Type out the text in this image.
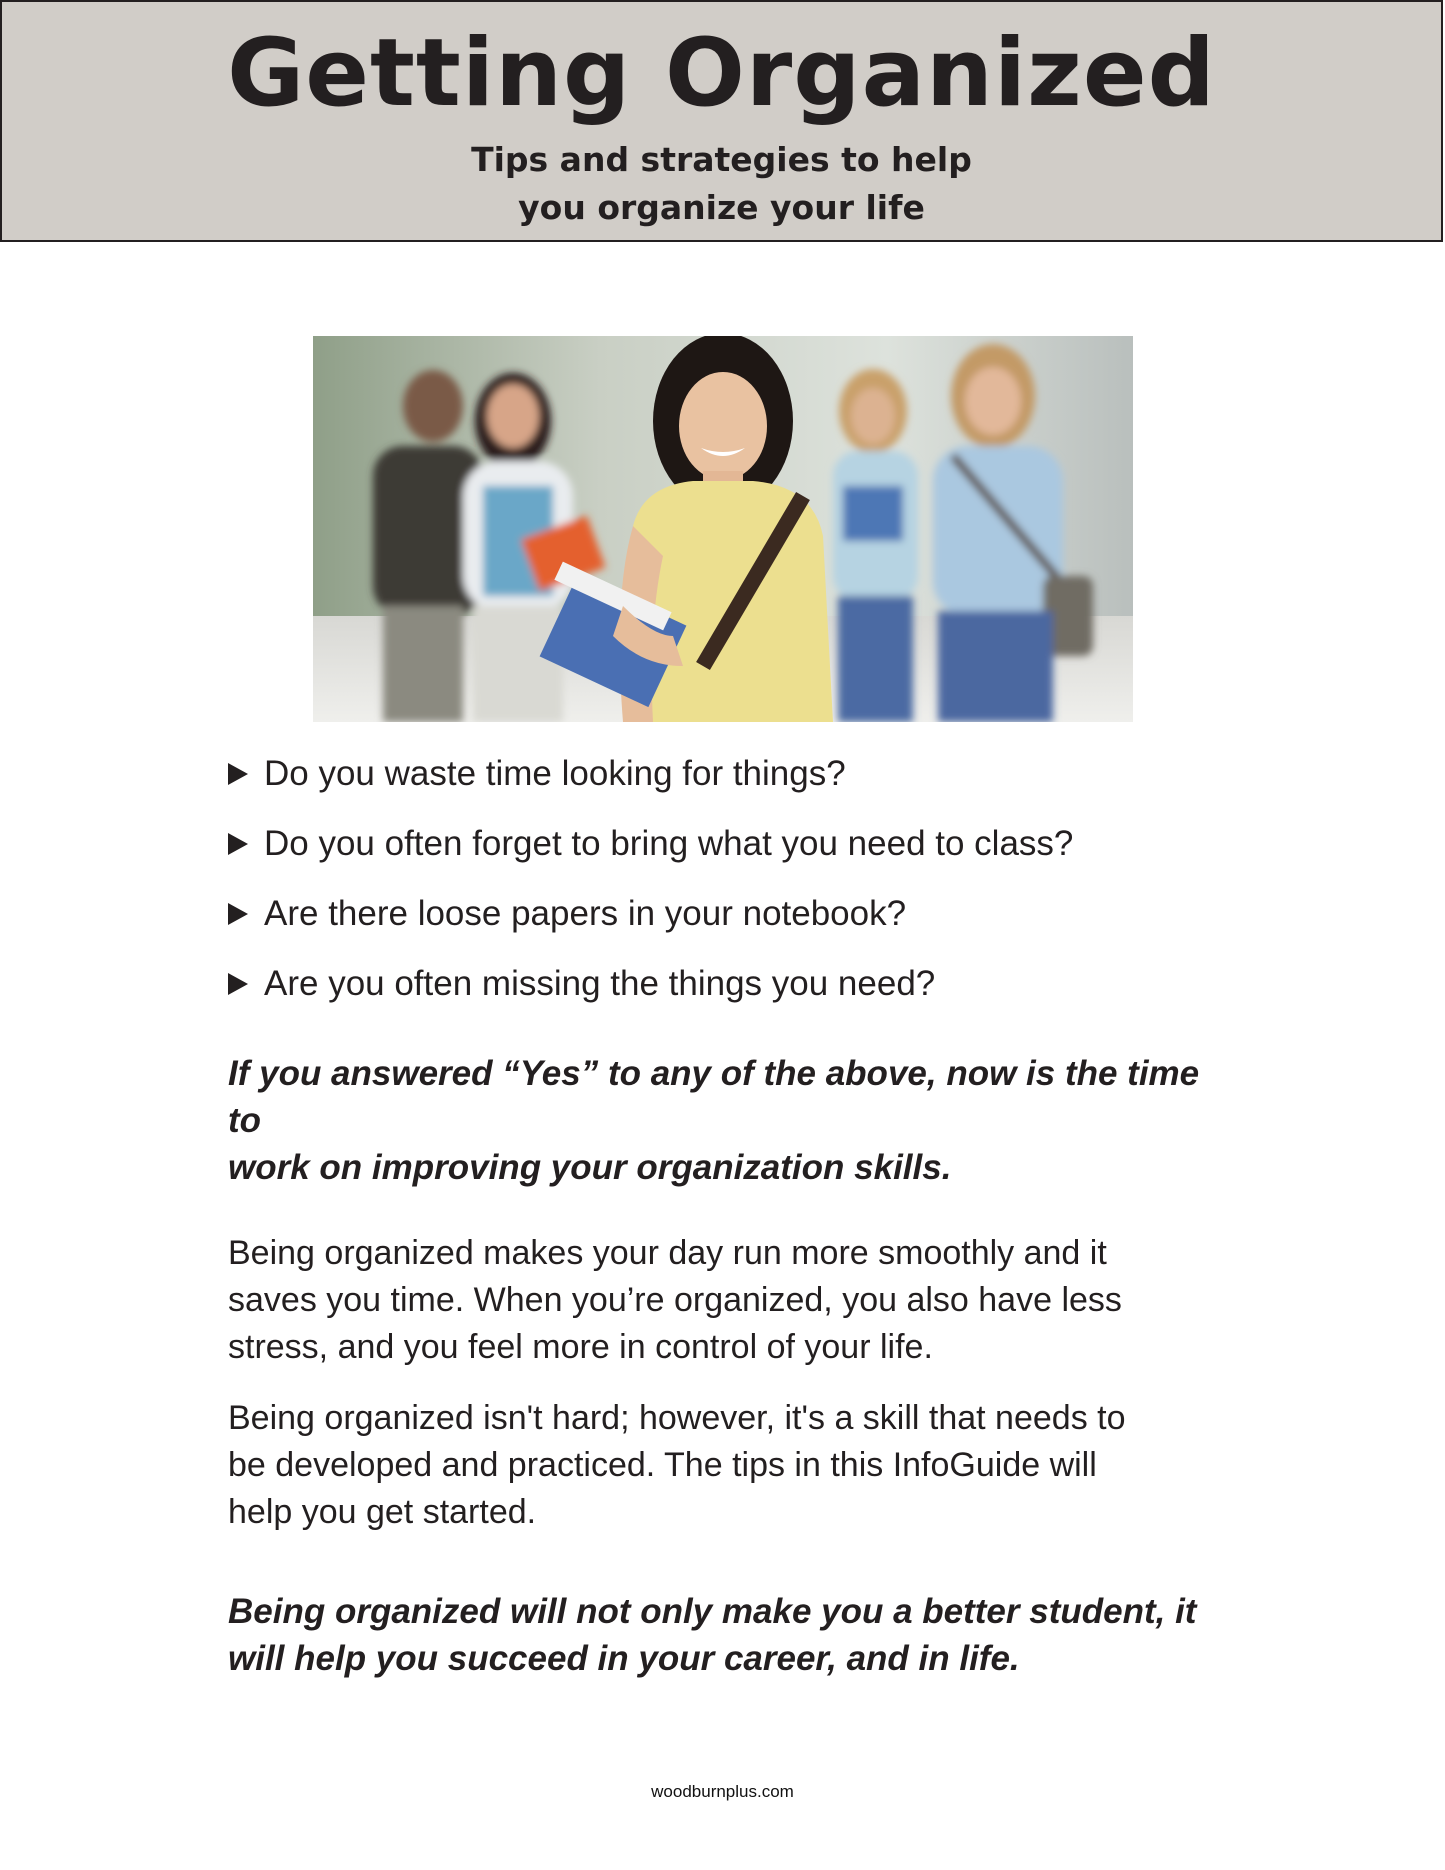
Getting Organized
Tips and strategies to help
you organize your life
Do you waste time looking for things?
Do you often forget to bring what you need to class?
Are there loose papers in your notebook?
Are you often missing the things you need?
If you answered “Yes” to any of the above, now is the time to
work on improving your organization skills.
Being organized makes your day run more smoothly and it
saves you time. When you’re organized, you also have less
stress, and you feel more in control of your life.
Being organized isn't hard; however, it's a skill that needs to
be developed and practiced. The tips in this InfoGuide will
help you get started.
Being organized will not only make you a better student, it
will help you succeed in your career, and in life.
woodburnplus.com
